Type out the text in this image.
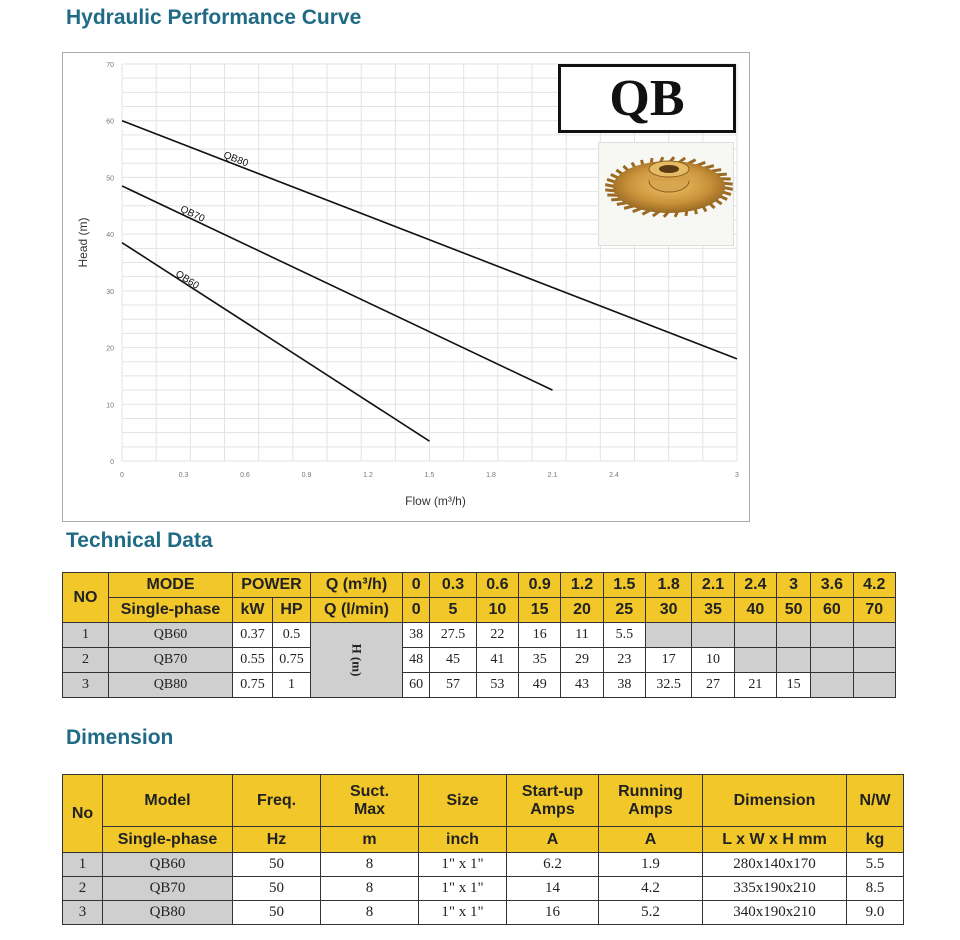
Hydraulic Performance Curve
0
10
20
30
40
50
60
70
0	0.3	0.6	0.9	1.2	1.5	1.8	2.1	2.4	3
Flow (m³/h)
Head (m)
QB80
QB70
QB60
QB
Technical Data
NO	MODE	POWER		Q (m³/h)	0	0.3	0.6	0.9	1.2	1.5	1.8	2.1	2.4	3	3.6	4.2
	Single-phase	kW	HP	Q (l/min)	0	5	10	15	20	25	30	35	40	50	60	70
1	QB60	0.37	0.5	H (m)	38	27.5	22	16	11	5.5						
2	QB70	0.55	0.75		48	45	41	35	29	23	17	10				
3	QB80	0.75	1		60	57	53	49	43	38	32.5	27	21	15		
Dimension
No	Model	Freq.	Suct. Max	Size	Start-up Amps	Running Amps	Dimension	N/W
	Single-phase	Hz	m	inch	A	A	L x W x H mm	kg
1	QB60	50	8	1" x 1"	6.2	1.9	280x140x170	5.5
2	QB70	50	8	1" x 1"	14	4.2	335x190x210	8.5
3	QB80	50	8	1" x 1"	16	5.2	340x190x210	9.0
